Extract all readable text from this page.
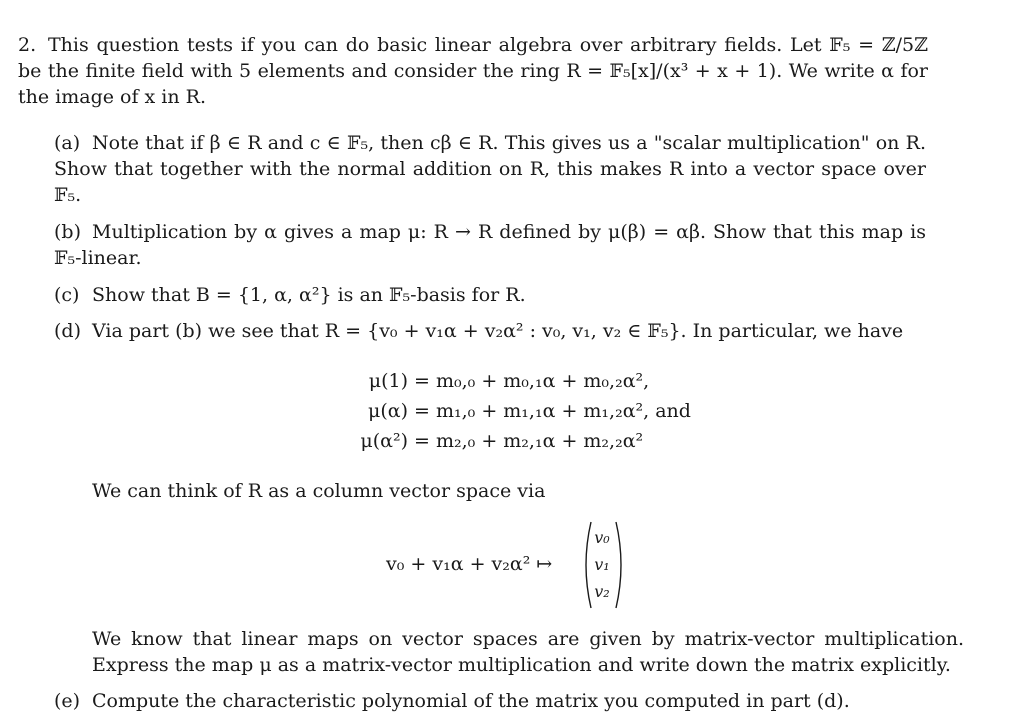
2. This question tests if you can do basic linear algebra over arbitrary fields. Let 𝔽₅ = ℤ/5ℤ be the finite field with 5 elements and consider the ring R = 𝔽₅[x]/(x³ + x + 1). We write α for the image of x in R.
(a) Note that if β ∈ R and c ∈ 𝔽₅, then cβ ∈ R. This gives us a "scalar multiplication" on R. Show that together with the normal addition on R, this makes R into a vector space over 𝔽₅.
(b) Multiplication by α gives a map μ: R → R defined by μ(β) = αβ. Show that this map is 𝔽₅-linear.
(c) Show that B = {1, α, α²} is an 𝔽₅-basis for R.
(d) Via part (b) we see that R = {v₀ + v₁α + v₂α² : v₀, v₁, v₂ ∈ 𝔽₅}. In particular, we have
μ(1) = m₀,₀ + m₀,₁α + m₀,₂α²,
μ(α) = m₁,₀ + m₁,₁α + m₁,₂α², and
μ(α²) = m₂,₀ + m₂,₁α + m₂,₂α²
We can think of R as a column vector space via
v₀ + v₁α + v₂α² ↦
v₀
v₁
v₂
We know that linear maps on vector spaces are given by matrix-vector multiplication. Express the map μ as a matrix-vector multiplication and write down the matrix explicitly.
(e) Compute the characteristic polynomial of the matrix you computed in part (d).
